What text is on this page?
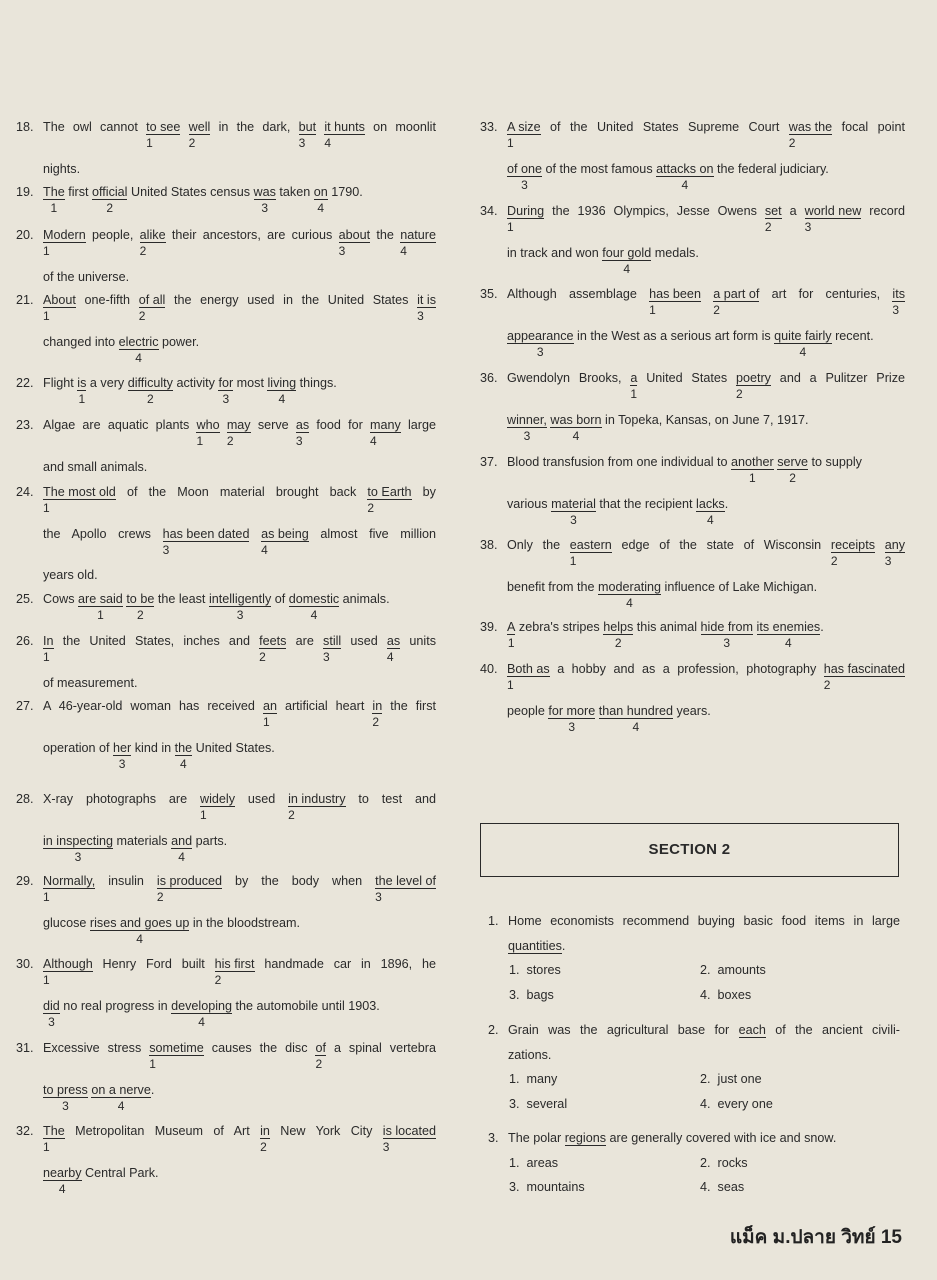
18. The owl cannot to see
1
well
2
in the dark, but
3
it hunts
4
on moonlit
nights.
19. The
1
first official
2
United States census was
3
taken on
4
1790.
20. Modern
1
people, alike
2
their ancestors, are curious about
3
the nature
4
of the universe.
21. About
1
one-fifth of all
2
the energy used in the United States it is
3
changed into electric
4
power.
22. Flight is
1
a very difficulty
2
activity for
3
most living
4
things.
23. Algae are aquatic plants who
1
may
2
serve as
3
food for many
4
large
and small animals.
24. The most old
1
of the Moon material brought back to Earth
2
by
the Apollo crews has been dated
3
as being
4
almost five million
years old.
25. Cows are said
1
to be
2
the least intelligently
3
of domestic
4
animals.
26. In
1
the United States, inches and feets
2
are still
3
used as
4
units
of measurement.
27. A 46-year-old woman has received an
1
artificial heart in
2
the first
operation of her
3
kind in the
4
United States.
28. X-ray photographs are widely
1
used in industry
2
to test and
in inspecting
3
materials and
4
parts.
29. Normally,
1
insulin is produced
2
by the body when the level of
3
glucose rises and goes up
4
in the bloodstream.
30. Although
1
Henry Ford built his first
2
handmade car in 1896, he
did
3
no real progress in developing
4
the automobile until 1903.
31. Excessive stress sometime
1
causes the disc of
2
a spinal vertebra
to press
3
on a nerve
4
.
32. The
1
Metropolitan Museum of Art in
2
New York City is located
3
nearby
4
Central Park.
33. A size
1
of the United States Supreme Court was the
2
focal point
of one
3
of the most famous attacks on
4
the federal judiciary.
34. During
1
the 1936 Olympics, Jesse Owens set
2
a world new
3
record
in track and won four gold
4
medals.
35. Although assemblage has been
1
a part of
2
art for centuries, its
3
appearance
3
in the West as a serious art form is quite fairly
4
recent.
36. Gwendolyn Brooks, a
1
United States poetry
2
and a Pulitzer Prize
winner,
3
was born
4
in Topeka, Kansas, on June 7, 1917.
37. Blood transfusion from one individual to another
1
serve
2
to supply
various material
3
that the recipient lacks
4
.
38. Only the eastern
1
edge of the state of Wisconsin receipts
2
any
3
benefit from the moderating
4
influence of Lake Michigan.
39. A
1
zebra's stripes helps
2
this animal hide from
3
its enemies
4
.
40. Both as
1
a hobby and as a profession, photography has fascinated
2
people for more
3
than hundred
4
years.
SECTION 2
แม็ค ม.ปลาย วิทย์ 15
1. Home economists recommend buying basic food items in large
quantities.
1. stores	2. amounts
3. bags	4. boxes
2. Grain was the agricultural base for each of the ancient civili-
zations.
1. many	2. just one
3. several	4. every one
3. The polar regions are generally covered with ice and snow.
1. areas	2. rocks
3. mountains	4. seas
